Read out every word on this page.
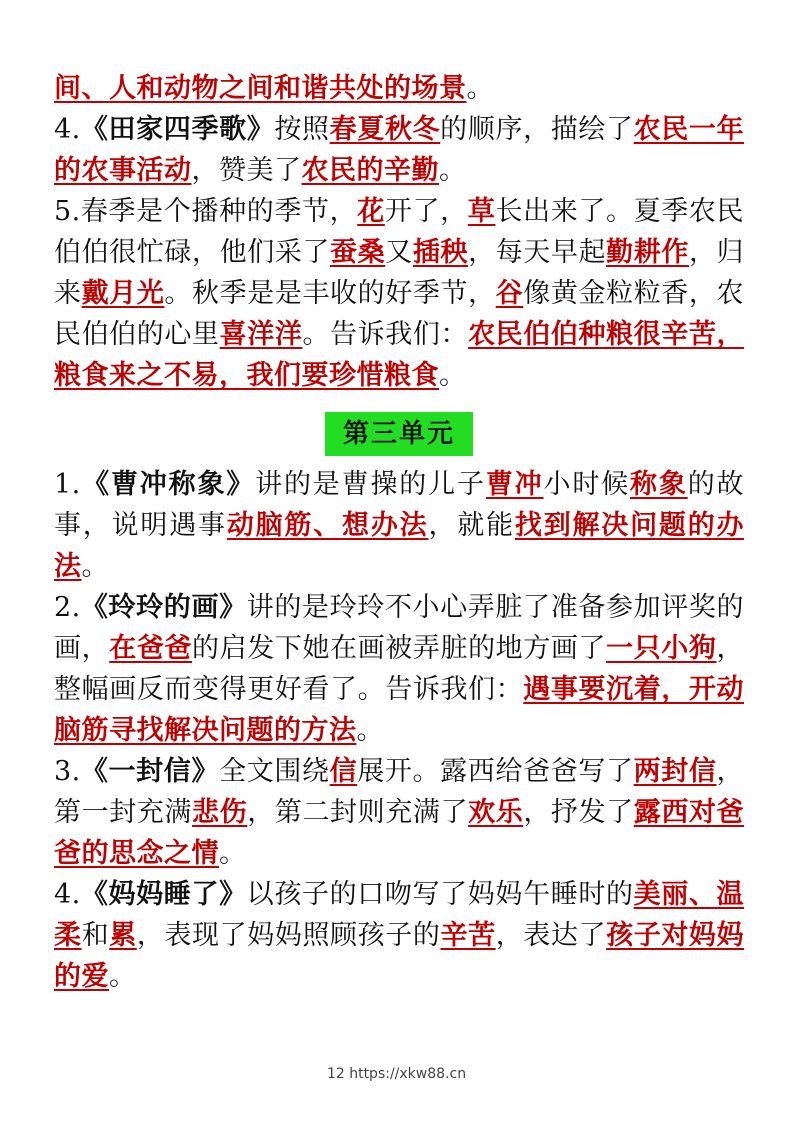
间、人和动物之间和谐共处的场景。

4.《田家四季歌》按照春夏秋冬的顺序，描绘了农民一年的农事活动，赞美了农民的辛勤。

5.春季是个播种的季节，花开了，草长出来了。夏季农民伯伯很忙碌，他们采了蚕桑又插秧，每天早起勤耕作，归来戴月光。秋季是是丰收的好季节，谷像黄金粒粒香，农民伯伯的心里喜洋洋。告诉我们：农民伯伯种粮很辛苦，粮食来之不易，我们要珍惜粮食。

第三单元

1.《曹冲称象》讲的是曹操的儿子曹冲小时候称象的故事，说明遇事动脑筋、想办法，就能找到解决问题的办法。

2.《玲玲的画》讲的是玲玲不小心弄脏了准备参加评奖的画，在爸爸的启发下她在画被弄脏的地方画了一只小狗，整幅画反而变得更好看了。告诉我们：遇事要沉着，开动脑筋寻找解决问题的方法。

3.《一封信》全文围绕信展开。露西给爸爸写了两封信，第一封充满悲伤，第二封则充满了欢乐，抒发了露西对爸爸的思念之情。

4.《妈妈睡了》以孩子的口吻写了妈妈午睡时的美丽、温柔和累，表现了妈妈照顾孩子的辛苦，表达了孩子对妈妈的爱。

12 https://xkw88.cn
